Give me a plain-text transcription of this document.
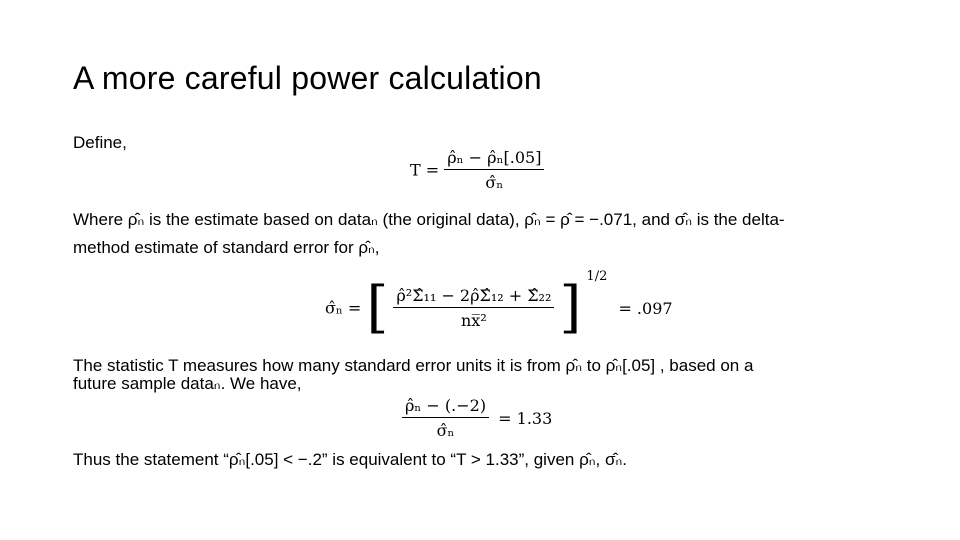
A more careful power calculation
Define,
$T = \frac{\text{ρ̂ₙ − ρ̂ₙ[.05]}}{\text{σ̂ₙ}}$
Where ρ̂ₙ is the estimate based on dataₙ (the original data), ρ̂ₙ = ρ̂ = −.071, and σ̂ₙ is the delta-
method estimate of standard error for ρ̂ₙ,
σ̂ₙ = [ $\frac{\text{ρ̂²Σ̂₁₁ − 2ρ̂Σ̂₁₂ + Σ̂₂₂}}{\text{nx̅²}}$ ] $^{1/2}$ = .097
The statistic T measures how many standard error units it is from ρ̂ₙ to ρ̂ₙ[.05] , based on a
future sample dataₙ. We have,
$\frac{\text{ρ̂ₙ − (.−2)}}{\text{σ̂ₙ}} = 1.33$
Thus the statement “ρ̂ₙ[.05] < −.2” is equivalent to “T > 1.33”, given ρ̂ₙ, σ̂ₙ.
